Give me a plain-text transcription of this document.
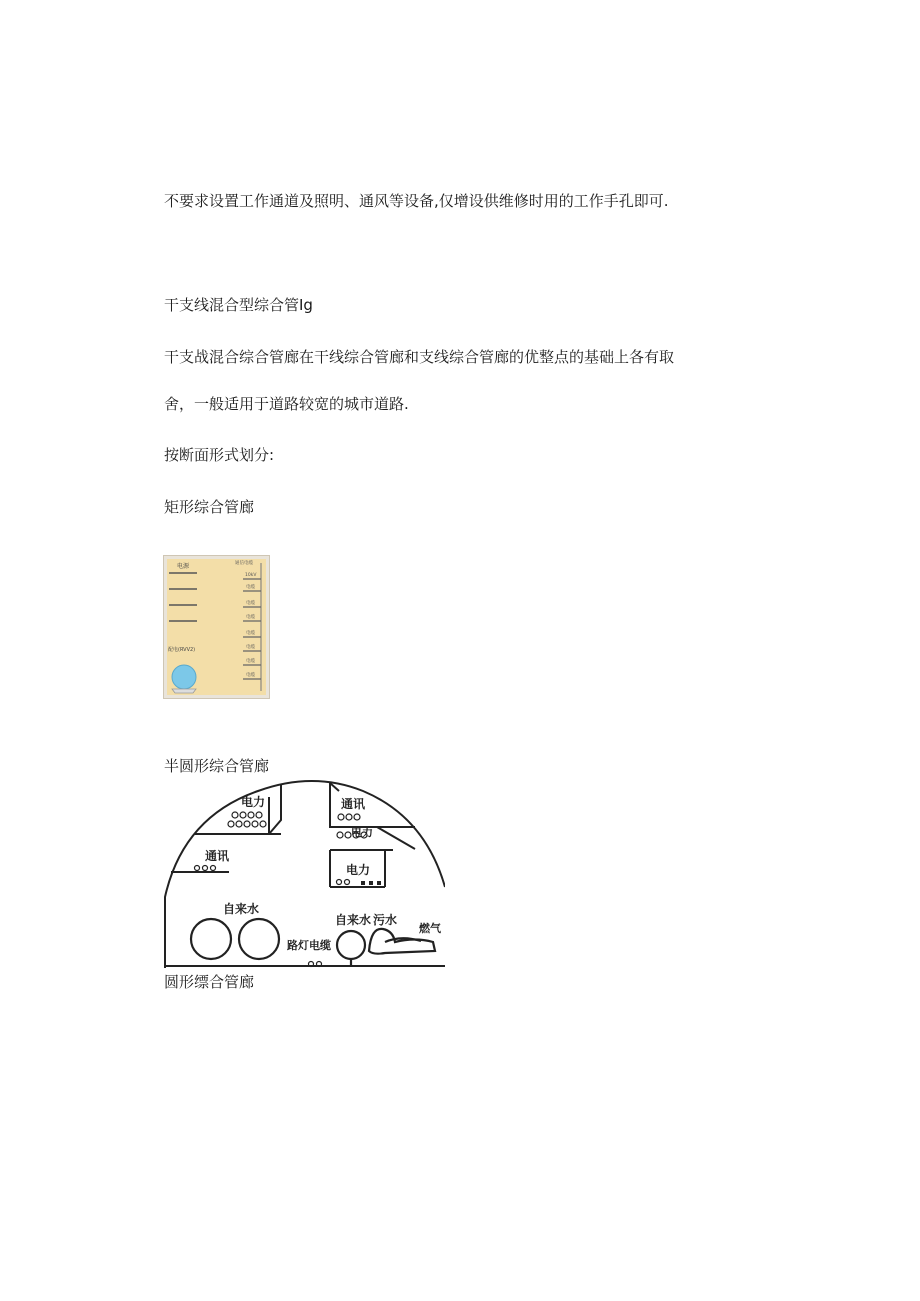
不要求设置工作通道及照明、通风等设备,仅增设供维修时用的工作手孔即可.
干支线混合型综合管Ig
干支战混合综合管廊在干线综合管廊和支线综合管廊的优整点的基础上各有取
舍，一般适用于道路较宽的城市道路.
按断面形式划分:
矩形综合管廊
电源
配电(RVV2)
通信电缆
10kV
电缆
电缆
电缆
电缆
电缆
电缆
电缆
半圆形综合管廊
电力	通讯
电力
通讯
电力
自来水
自来水 污水
燃气
路灯电缆
圆形缥合管廊
